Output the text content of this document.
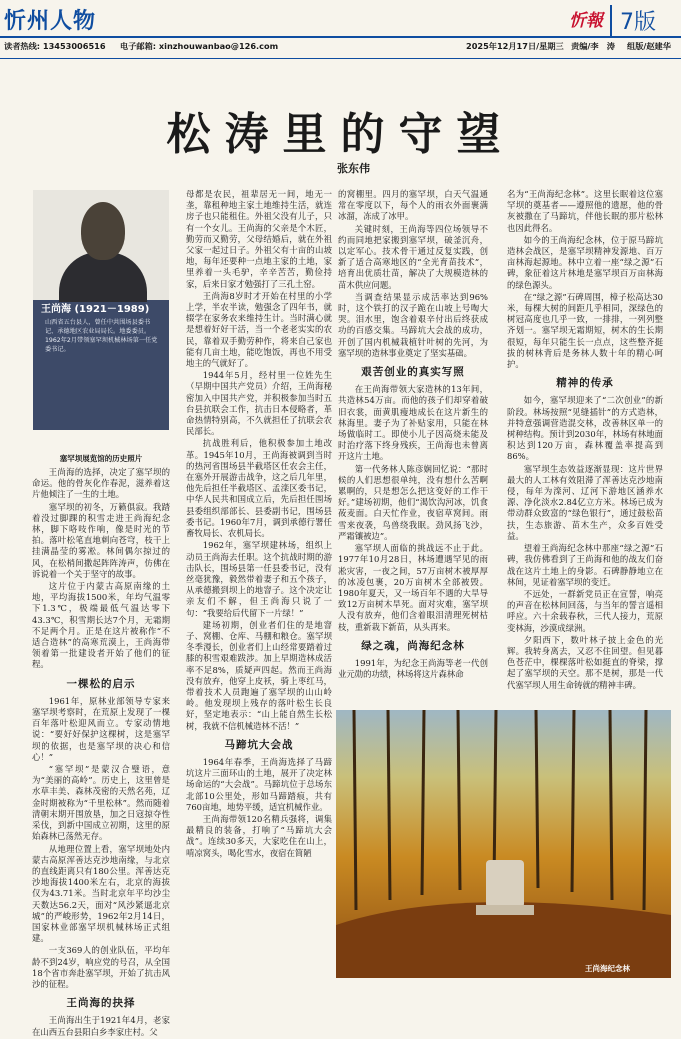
忻州人物	忻報 7版
读者热线: 13453006516 电子邮箱: xinzhouwanbao@126.com	2025年12月17日/星期三 责编/李　涛 组版/赵建华
松涛里的守望
张东伟
王尚海 (1921－1989)
山西省五台县人，曾任中共围场县委书记、承德地区农业局局长。地委委员。1962年2月带领塞罕坝机械林场第一任党委书记。
塞罕坝展览馆的历史照片

王尚海的选择，决定了塞罕坝的命运。他的骨灰化作春泥，滋养着这片他倾注了一生的土地。

塞罕坝的初冬，万籁俱寂。我踏着没过脚踝的积雪走进王尚海纪念林，脚下咯吱作响，像是时光的节拍。落叶松笔直地刺向苍穹，枝干上挂满晶莹的雾凇。林间偶尔掠过的风，在松梢间撒起阵阵涛声，仿佛在诉说着一个关于坚守的故事。

这片位于内蒙古高原南缘的土地，平均海拔1500米，年均气温零下1.3℃，极端最低气温达零下43.3℃，积雪期长达7个月，无霜期不足两个月。正是在这片被称作“不适合造林”的高寒荒漠上，王尚海带领着第一批建设者开始了他们的征程。

一棵松的启示

1961年，原林业部领导专家来塞罕坝考察时，在荒原上发现了一棵百年落叶松迎风而立。专家动情地说：“要好好保护这棵树，这是塞罕坝的依据，也是塞罕坝的决心和信心！”

“塞罕坝”是蒙汉合璧语，意为“美丽的高岭”。历史上，这里曾是水草丰美、森林茂密的天然名苑，辽金时期被称为“千里松林”。然而随着清朝末期开围放垦，加之日寇掠夺性采伐，到新中国成立初期，这里的原始森林已荡然无存。

从地理位置上看，塞罕坝地处内蒙古高原浑善达克沙地南缘，与北京的直线距离只有180公里。浑善达克沙地海拔1400米左右，北京的海拔仅为43.71米。当时北京年平均沙尘天数达56.2天，面对“风沙紧逼北京城”的严峻形势，1962年2月14日，国家林业部塞罕坝机械林场正式组建。

一支369人的创业队伍，平均年龄不到24岁，响应党的号召，从全国18个省市奔赴塞罕坝，开始了抗击风沙的征程。

王尚海的抉择

王尚海出生于1921年4月，老家在山西五台县阳白乡李家庄村。父

母都是农民，祖辈居无一间，地无一垄，靠租种地主家土地维持生活，就连房子也只能租住。外祖父没有儿子，只有一个女儿。王尚海的父亲是个木匠，勤劳而又勤劳，父母结婚后，就在外祖父家一起过日子。外祖父有十亩的山坡地，每年还要种一点地主家的土地，家里养着一头毛驴，辛辛苦苦，勤俭持家，后来日家才勉强打了三孔土窑。

王尚海8岁时才开始在村里的小学上学，半农半读，勉强念了四年书，就辍学在家务农来维持生计。当时满心就是想着好好干活，当一个老老实实的农民，靠着双手勤劳种作，将来自己家也能有几亩土地，能吃饱饭，再也不用受地主的气就好了。

1944年5月，经村里一位姓先生（早期中国共产党员）介绍，王尚海秘密加入中国共产党，并积极参加当时五台县抗联会工作，抗击日本侵略者，革命热情特别高，不久就担任了抗联会农民部长。

抗战胜利后，他积极参加土地改革。1945年10月，王尚海被调到当时的热河省围场县半截塔区任农会主任，在塞外开展游击战争，这之后几年里，他先后担任半截塔区、孟滦区委书记，中华人民共和国成立后，先后担任围场县委组织部部长、县委副书记，围场县委书记。1960年7月，调到承德行署任畜牧局长、农机局长。

1962年，塞罕坝建林场，组织上动员王尚海去任职。这个抗战时期的游击队长，围场县第一任县委书记，没有丝毫犹豫，毅然带着妻子和五个孩子，从承德搬到坝上的地窨子。这个决定让亲友们不解，但王尚海只说了一句：“我要给后代留下一片绿！”

建场初期，创业者们住的是地窨子、窝棚、仓库、马棚和粮仓。塞罕坝冬季漫长，创业者们上山经常要踏着过膝的积雪艰难跋涉。加上早期造林成活率不足8%，质疑声四起。然而王尚海没有放弃，他穿上皮袄，骑上枣红马，带着技术人员跑遍了塞罕坝的山山岭岭。他发现坝上残存的落叶松生长良好，坚定地表示：“山上能自然生长松树，我就不信机械造林不活！”

马蹄坑大会战

1964年春季，王尚海选择了马蹄坑这片三面环山的土地，展开了决定林场命运的“大会战”。马蹄坑位于总场东北部10公里处，形如马蹄踏痕，共有760亩地，地势平缓，适宜机械作业。

王尚海带领120名精兵强将，调集最精良的装备，打响了“马蹄坑大会战”。连续30多天，大家吃住在山上，啃凉窝头，喝化雪水，夜宿在简陋

的窝棚里。四月的塞罕坝，白天气温通常在零度以下，每个人的雨衣外面裹满冰溜，冻成了冰甲。

关键时刻，王尚海等四位场领导不约而同地把家搬到塞罕坝，破釜沉舟，以定军心。技术骨干通过反复实践，创新了适合高寒地区的“全光育苗技术”，培育出优质壮苗，解决了大规模造林的苗木供应问题。

当调查结果显示成活率达到96%时，这个铁打的汉子跪在山坡上号啕大哭。泪水里，饱含着艰辛付出后终获成功的百感交集。马蹄坑大会战的成功，开创了国内机械栽植针叶树的先河，为塞罕坝的造林事业奠定了坚实基础。

艰苦创业的真实写照

在王尚海带领大家造林的13年间，共造林54万亩。而他的孩子们却穿着破旧衣裳，面黄肌瘦地成长在这片新生的林海里。妻子为了补贴家用，只能在林场做临时工。即使小儿子因高烧未能及时治疗落下终身残疾，王尚海也未曾离开这片土地。

第一代务林人陈彦娴回忆说：“那时候的人们思想很单纯，没有想什么苦啊累啊的，只是想怎么把这变好的工作干好。”建场初期，他们“渴饮沟河冰，饥食莜麦面。白天忙作业，夜宿草窝间。雨雪来夜袭，鸟兽绕我眠。劲风扬飞沙，严霜镶被边”。

塞罕坝人面临的挑战远不止于此。1977年10月28日，林场遭遇罕见的雨凇灾害，一夜之间，57万亩树木被厚厚的冰凌包裹，20万亩树木全部被毁。1980年夏天，又一场百年不遇的大旱导致12万亩树木旱死。面对灾难，塞罕坝人没有放弃，他们含着眼泪清理死树枯枝，重新栽下新苗，从头再来。

绿之魂，尚海纪念林

1991年，为纪念王尚海等老一代创业元勋的功绩，林场将这片森林命

名为“王尚海纪念林”。这里长眠着这位塞罕坝的奠基者——遵照他的遗愿，他的骨灰被撒在了马蹄坑，伴他长眠的那片松林也因此得名。

如今的王尚海纪念林，位于原马蹄坑造林会战区，是塞罕坝精神发源地、百万亩林海起源地。林中立着一座“绿之源”石碑，象征着这片林地是塞罕坝百万亩林海的绿色源头。

在“绿之源”石碑周围，樟子松高达30米，每棵大树的间距几乎相同，深绿色的树冠高度也几乎一致，一排排，一列列整齐划一。塞罕坝无霜期短，树木的生长期很短，每年只能生长一点点，这些整齐挺拔的树林背后是务林人数十年的精心呵护。

精神的传承

如今，塞罕坝迎来了“二次创业”的新阶段。林场按照“见缝插针”的方式造林，并特意强调营造混交林，改善林区单一的树种结构。预计到2030年，林场有林地面积达到120万亩，森林覆盖率提高到86%。

塞罕坝生态效益逐渐显现：这片世界最大的人工林有效阻滞了浑善达克沙地南侵，每年为滦河、辽河下游地区涵养水源、净化淡水2.84亿立方米。林场已成为带动群众致富的“绿色银行”，通过鼓松苗扶，生态旅游、苗木生产，众多百姓受益。

望着王尚海纪念林中那座“绿之源”石碑，我仿佛看到了王尚海和他的战友们奋战在这片土地上的身影。石碑静静地立在林间，见证着塞罕坝的变迁。

不远处，一群新党员正在宣誓，响亮的声音在松林间回荡，与当年的誓言遥相呼应。六十余载春秋，三代人接力，荒原变林海，沙漠成绿洲。

夕阳西下，数叶林子披上金色的光辉。我转身离去，又忍不住回望。但见暮色苍茫中，棵棵落叶松如挺直的脊梁，撑起了塞罕坝的天空。那不是树，那是一代代塞罕坝人用生命铸就的精神丰碑。

王尚海纪念林
